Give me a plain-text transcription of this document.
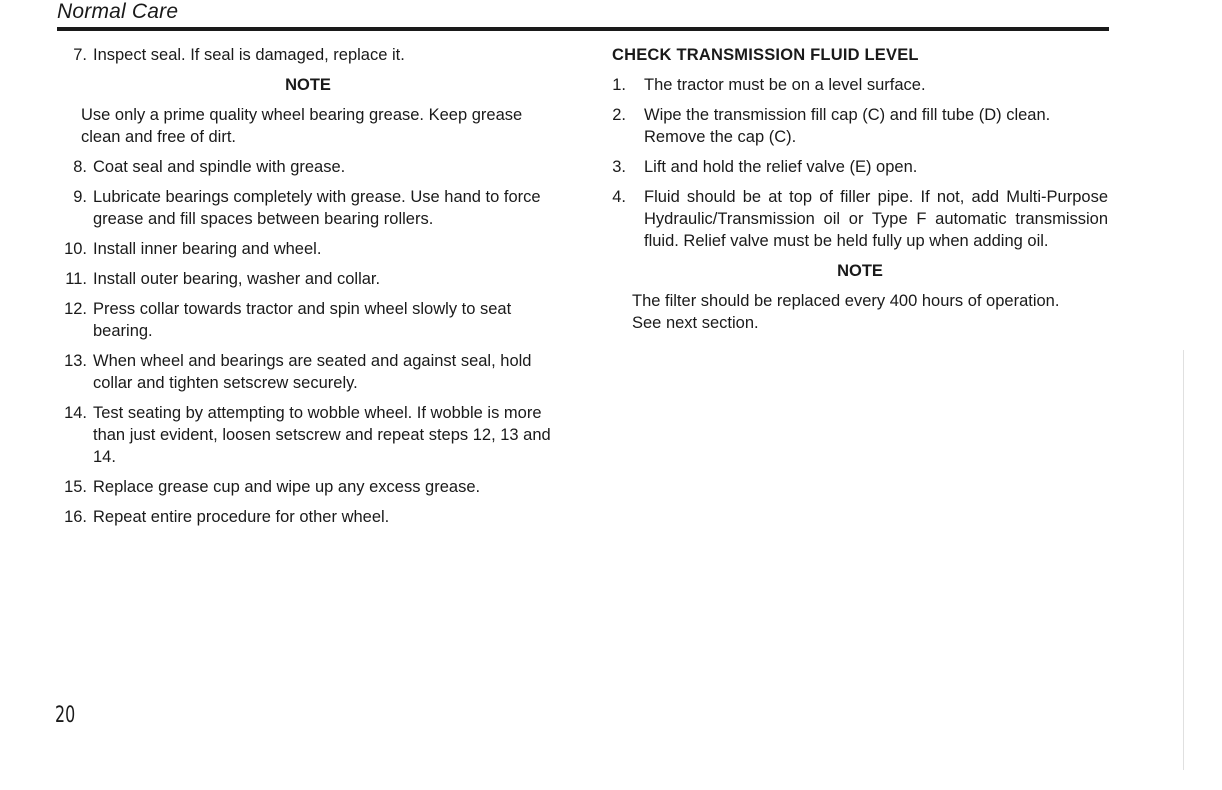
Normal Care
7. Inspect seal. If seal is damaged, replace it.
NOTE
Use only a prime quality wheel bearing grease. Keep grease clean and free of dirt.
8. Coat seal and spindle with grease.
9. Lubricate bearings completely with grease. Use hand to force grease and fill spaces between bearing rollers.
10. Install inner bearing and wheel.
11. Install outer bearing, washer and collar.
12. Press collar towards tractor and spin wheel slowly to seat bearing.
13. When wheel and bearings are seated and against seal, hold collar and tighten setscrew securely.
14. Test seating by attempting to wobble wheel. If wobble is more than just evident, loosen setscrew and repeat steps 12, 13 and 14.
15. Replace grease cup and wipe up any excess grease.
16. Repeat entire procedure for other wheel.
CHECK TRANSMISSION FLUID LEVEL
1. The tractor must be on a level surface.
2. Wipe the transmission fill cap (C) and fill tube (D) clean. Remove the cap (C).
3. Lift and hold the relief valve (E) open.
4. Fluid should be at top of filler pipe. If not, add Multi-Purpose Hydraulic/Transmission oil or Type F automatic transmission fluid. Relief valve must be held fully up when adding oil.
NOTE
The filter should be replaced every 400 hours of operation. See next section.
20
